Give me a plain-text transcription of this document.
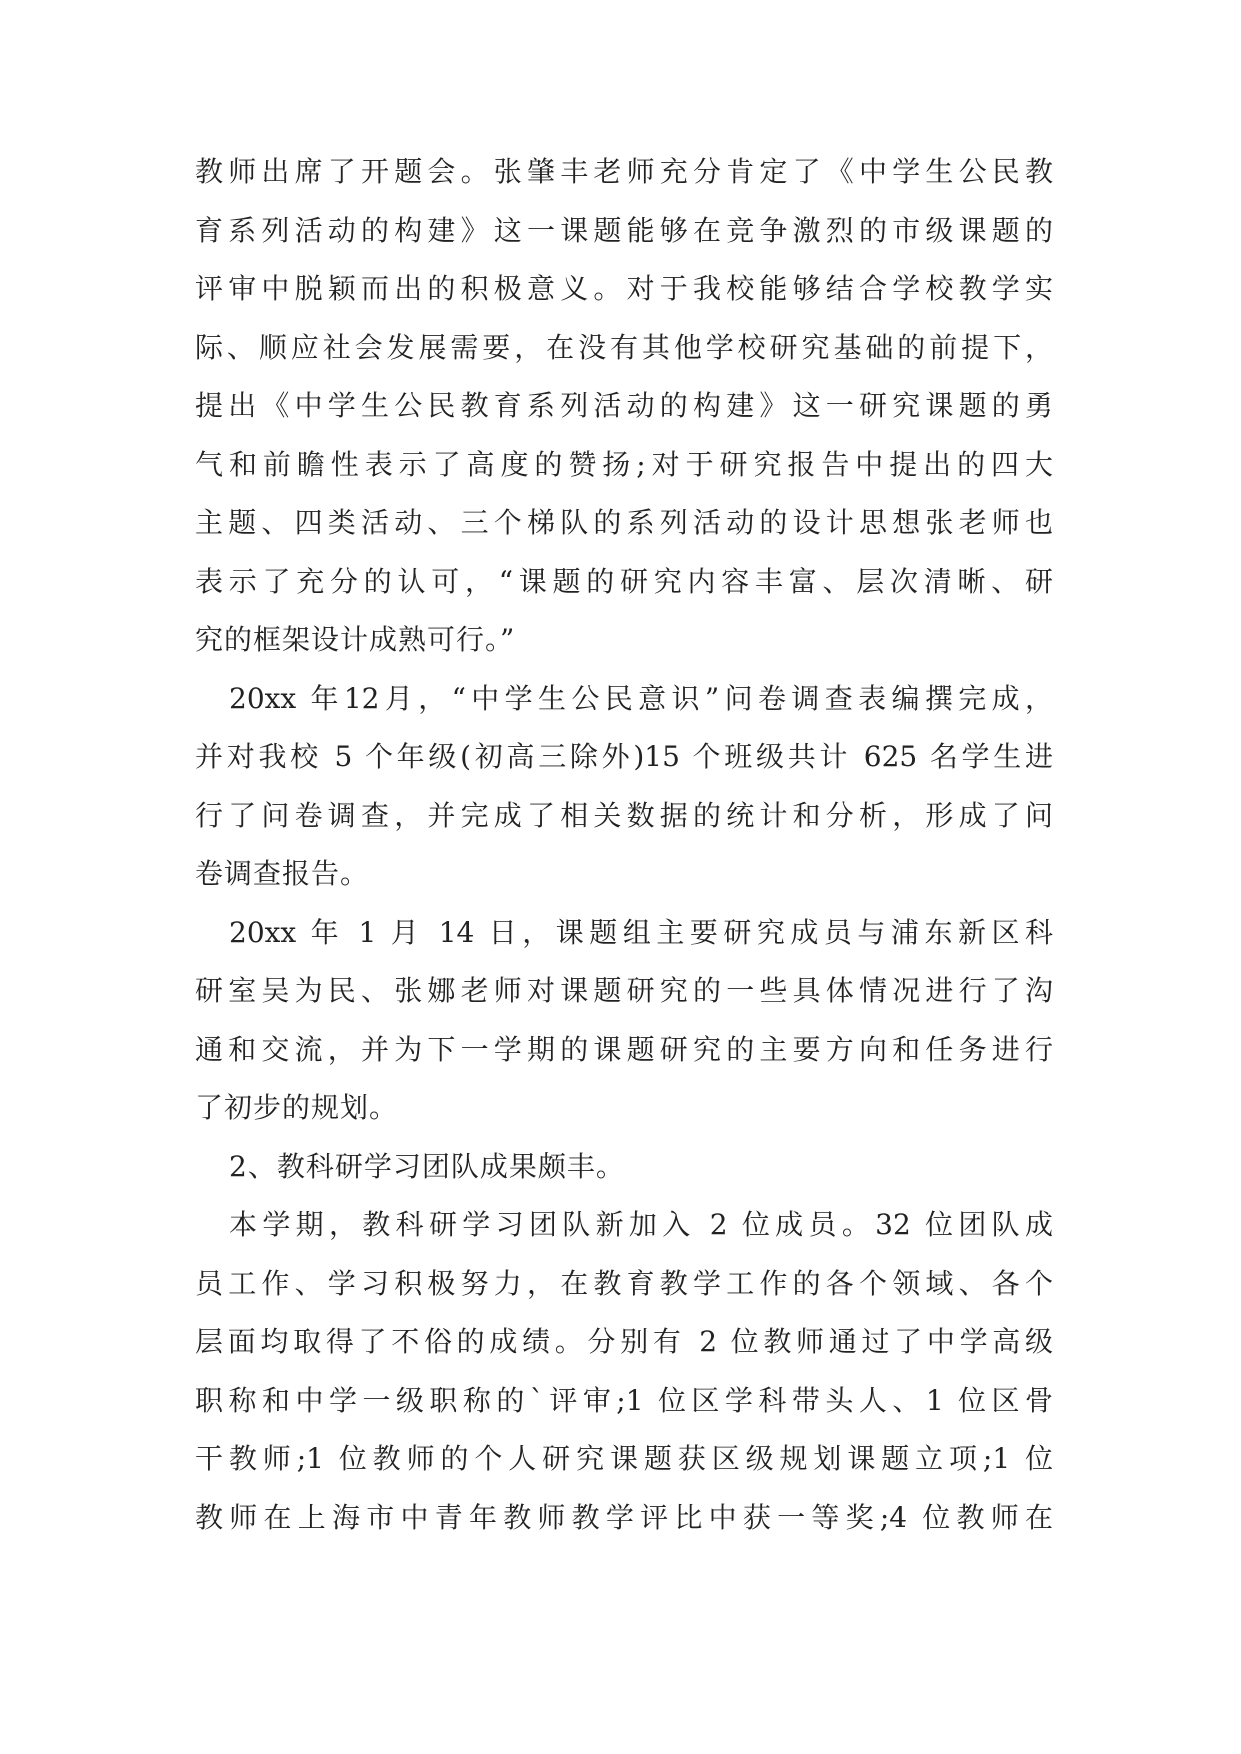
教师出席了开题会。张肇丰老师充分肯定了《中学生公民教
育系列活动的构建》这一课题能够在竞争激烈的市级课题的
评审中脱颖而出的积极意义。对于我校能够结合学校教学实
际、顺应社会发展需要，在没有其他学校研究基础的前提下，
提出《中学生公民教育系列活动的构建》这一研究课题的勇
气和前瞻性表示了高度的赞扬;对于研究报告中提出的四大
主题、四类活动、三个梯队的系列活动的设计思想张老师也
表示了充分的认可，“课题的研究内容丰富、层次清晰、研
究的框架设计成熟可行。”
20xx 年12月，“中学生公民意识”问卷调查表编撰完成，
并对我校 5 个年级(初高三除外)15 个班级共计 625 名学生进
行了问卷调查，并完成了相关数据的统计和分析，形成了问
卷调查报告。
20xx 年 1 月 14 日，课题组主要研究成员与浦东新区科
研室吴为民、张娜老师对课题研究的一些具体情况进行了沟
通和交流，并为下一学期的课题研究的主要方向和任务进行
了初步的规划。
2、教科研学习团队成果颇丰。
本学期，教科研学习团队新加入 2 位成员。32 位团队成
员工作、学习积极努力，在教育教学工作的各个领域、各个
层面均取得了不俗的成绩。分别有 2 位教师通过了中学高级
职称和中学一级职称的`评审;1 位区学科带头人、1 位区骨
干教师;1 位教师的个人研究课题获区级规划课题立项;1 位
教师在上海市中青年教师教学评比中获一等奖;4 位教师在
